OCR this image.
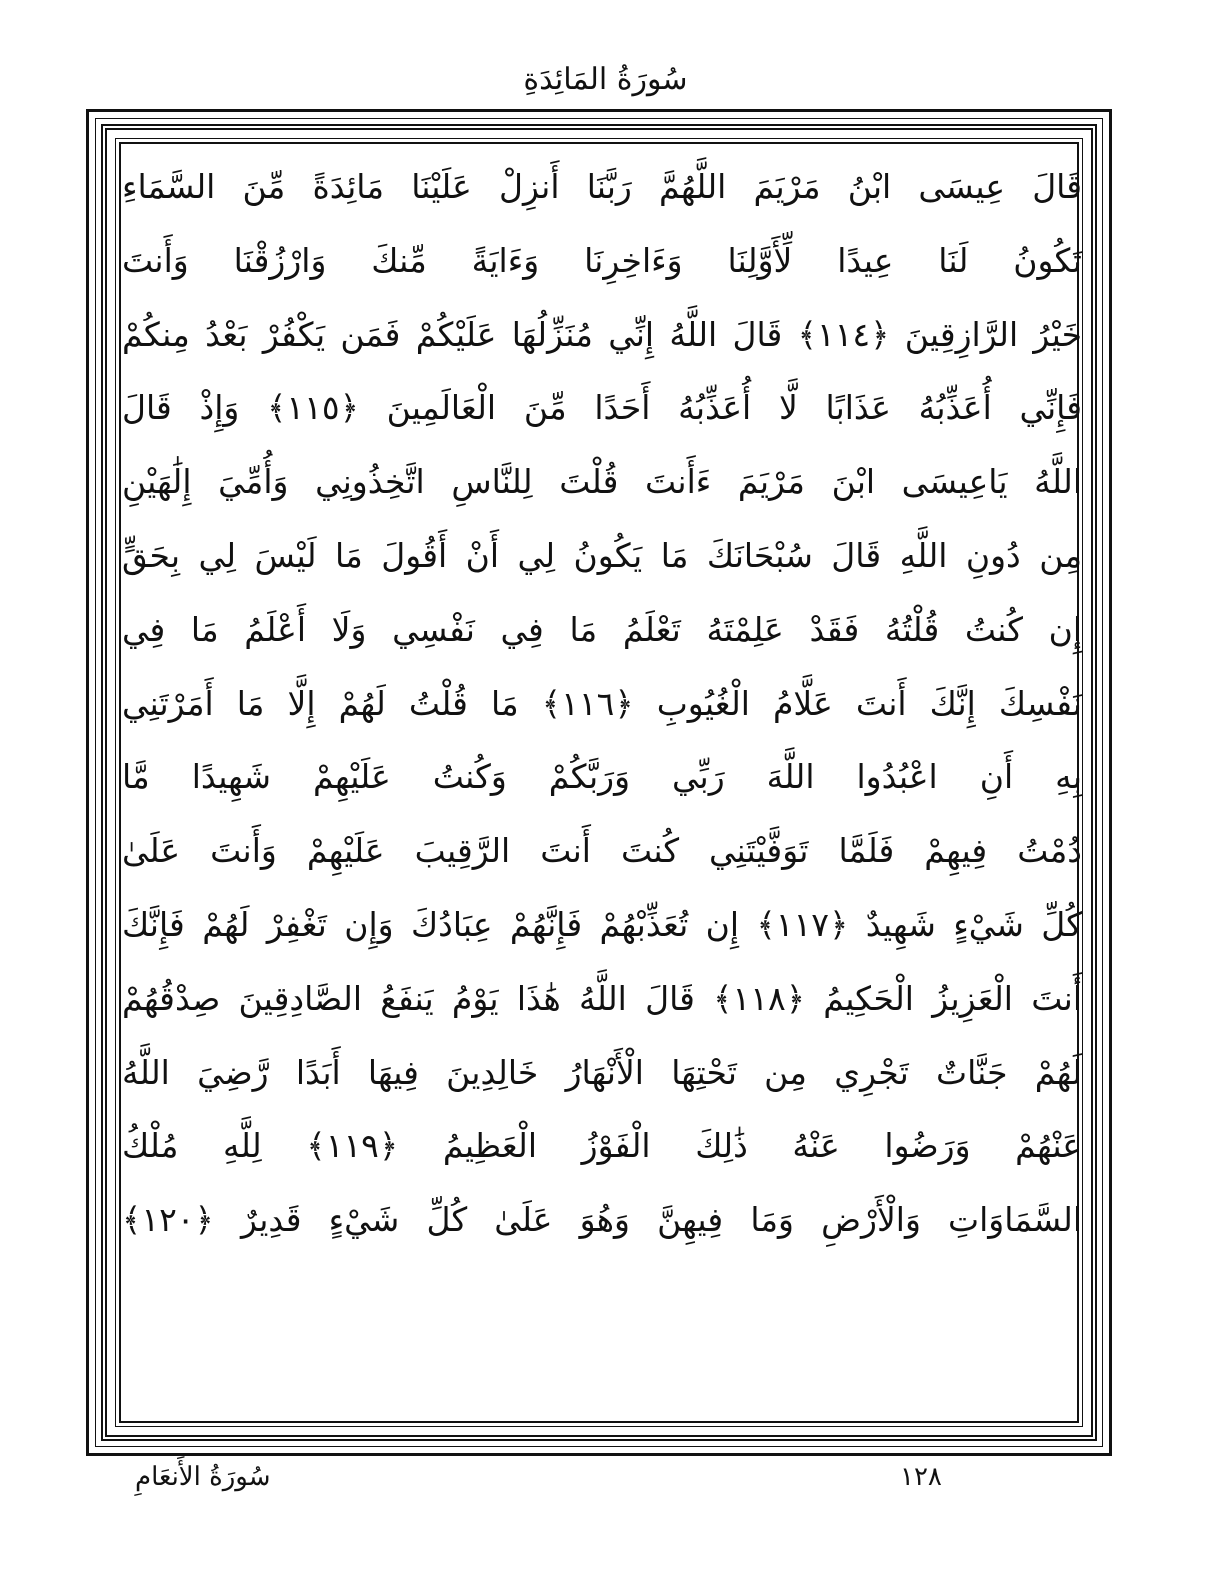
سُورَةُ المَائِدَةِ
قَالَ عِيسَى ابْنُ مَرْيَمَ اللَّهُمَّ رَبَّنَا أَنزِلْ عَلَيْنَا مَائِدَةً مِّنَ السَّمَاءِ
تَكُونُ لَنَا عِيدًا لِّأَوَّلِنَا وَءَاخِرِنَا وَءَايَةً مِّنكَ وَارْزُقْنَا وَأَنتَ
خَيْرُ الرَّازِقِينَ ﴿١١٤﴾ قَالَ اللَّهُ إِنِّي مُنَزِّلُهَا عَلَيْكُمْ فَمَن يَكْفُرْ بَعْدُ مِنكُمْ
فَإِنِّي أُعَذِّبُهُ عَذَابًا لَّا أُعَذِّبُهُ أَحَدًا مِّنَ الْعَالَمِينَ ﴿١١٥﴾ وَإِذْ قَالَ
اللَّهُ يَاعِيسَى ابْنَ مَرْيَمَ ءَأَنتَ قُلْتَ لِلنَّاسِ اتَّخِذُونِي وَأُمِّيَ إِلَٰهَيْنِ
مِن دُونِ اللَّهِ قَالَ سُبْحَانَكَ مَا يَكُونُ لِي أَنْ أَقُولَ مَا لَيْسَ لِي بِحَقٍّ
إِن كُنتُ قُلْتُهُ فَقَدْ عَلِمْتَهُ تَعْلَمُ مَا فِي نَفْسِي وَلَا أَعْلَمُ مَا فِي
نَفْسِكَ إِنَّكَ أَنتَ عَلَّامُ الْغُيُوبِ ﴿١١٦﴾ مَا قُلْتُ لَهُمْ إِلَّا مَا أَمَرْتَنِي
بِهِ أَنِ اعْبُدُوا اللَّهَ رَبِّي وَرَبَّكُمْ وَكُنتُ عَلَيْهِمْ شَهِيدًا مَّا
دُمْتُ فِيهِمْ فَلَمَّا تَوَفَّيْتَنِي كُنتَ أَنتَ الرَّقِيبَ عَلَيْهِمْ وَأَنتَ عَلَىٰ
كُلِّ شَيْءٍ شَهِيدٌ ﴿١١٧﴾ إِن تُعَذِّبْهُمْ فَإِنَّهُمْ عِبَادُكَ وَإِن تَغْفِرْ لَهُمْ فَإِنَّكَ
أَنتَ الْعَزِيزُ الْحَكِيمُ ﴿١١٨﴾ قَالَ اللَّهُ هَٰذَا يَوْمُ يَنفَعُ الصَّادِقِينَ صِدْقُهُمْ
لَهُمْ جَنَّاتٌ تَجْرِي مِن تَحْتِهَا الْأَنْهَارُ خَالِدِينَ فِيهَا أَبَدًا رَّضِيَ اللَّهُ
عَنْهُمْ وَرَضُوا عَنْهُ ذَٰلِكَ الْفَوْزُ الْعَظِيمُ ﴿١١٩﴾ لِلَّهِ مُلْكُ
السَّمَاوَاتِ وَالْأَرْضِ وَمَا فِيهِنَّ وَهُوَ عَلَىٰ كُلِّ شَيْءٍ قَدِيرٌ ﴿١٢٠﴾
سُورَةُ الأَنعَامِ	١٢٨
